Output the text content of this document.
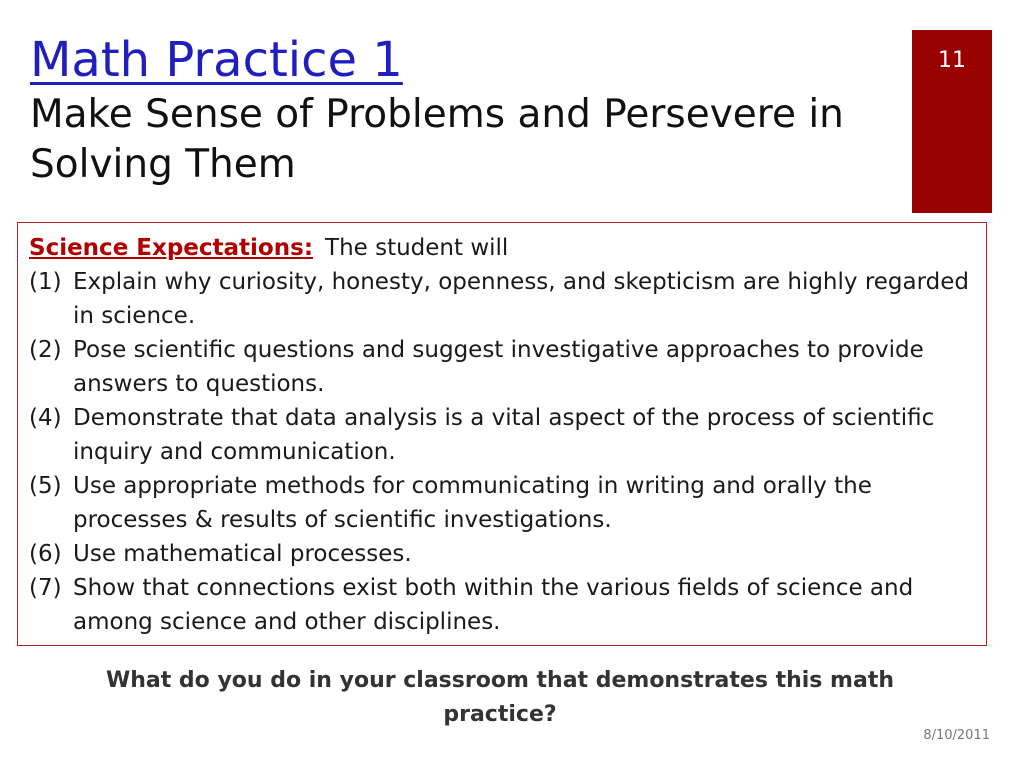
Math Practice 1
Make Sense of Problems and Persevere in Solving Them
11

Science Expectations: The student will

(1) Explain why curiosity, honesty, openness, and skepticism are highly regarded in science.
(2) Pose scientific questions and suggest investigative approaches to provide answers to questions.
(4) Demonstrate that data analysis is a vital aspect of the process of scientific inquiry and communication.
(5) Use appropriate methods for communicating in writing and orally the processes & results of scientific investigations.
(6) Use mathematical processes.
(7) Show that connections exist both within the various fields of science and among science and other disciplines.

What do you do in your classroom that demonstrates this math practice?

8/10/2011
